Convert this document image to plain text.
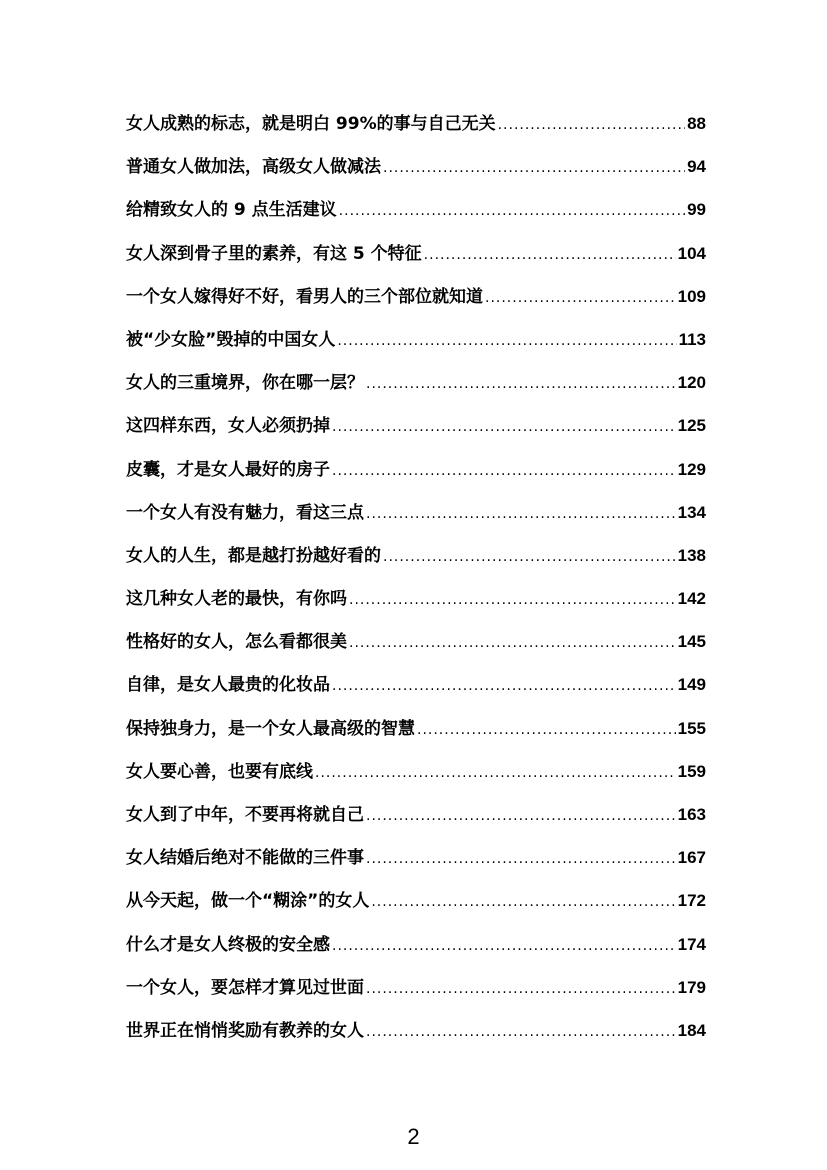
女人成熟的标志，就是明白 99%的事与自己无关 .....	88
普通女人做加法，高级女人做减法 .....	94
给精致女人的 9 点生活建议 .....	99
女人深到骨子里的素养，有这 5 个特征 .....	104
一个女人嫁得好不好，看男人的三个部位就知道 .....	109
被“少女脸”毁掉的中国女人 .....	113
女人的三重境界，你在哪一层？ .....	120
这四样东西，女人必须扔掉 .....	125
皮囊，才是女人最好的房子 .....	129
一个女人有没有魅力，看这三点 .....	134
女人的人生，都是越打扮越好看的 .....	138
这几种女人老的最快，有你吗 .....	142
性格好的女人，怎么看都很美 .....	145
自律，是女人最贵的化妆品 .....	149
保持独身力，是一个女人最高级的智慧 .....	155
女人要心善，也要有底线 .....	159
女人到了中年，不要再将就自己 .....	163
女人结婚后绝对不能做的三件事 .....	167
从今天起，做一个“糊涂”的女人 .....	172
什么才是女人终极的安全感 .....	174
一个女人，要怎样才算见过世面 .....	179
世界正在悄悄奖励有教养的女人 .....	184
2
